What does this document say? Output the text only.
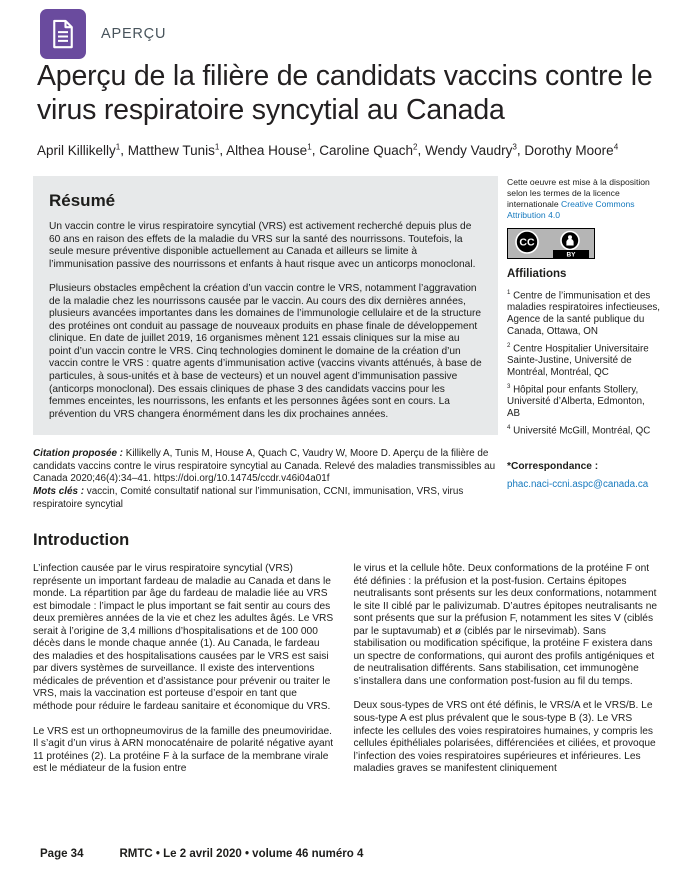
APERÇU
Aperçu de la filière de candidats vaccins contre le virus respiratoire syncytial au Canada
April Killikelly$^1$, Matthew Tunis$^1$, Althea House$^1$, Caroline Quach$^2$, Wendy Vaudry$^3$, Dorothy Moore$^4$
Résumé

Un vaccin contre le virus respiratoire syncytial (VRS) est activement recherché depuis plus de 60 ans en raison des effets de la maladie du VRS sur la santé des nourrissons. Toutefois, la seule mesure préventive disponible actuellement au Canada et ailleurs se limite à l’immunisation passive des nourrissons et enfants à haut risque avec un anticorps monoclonal.

Plusieurs obstacles empêchent la création d’un vaccin contre le VRS, notamment l’aggravation de la maladie chez les nourrissons causée par le vaccin. Au cours des dix dernières années, plusieurs avancées importantes dans les domaines de l’immunologie cellulaire et de la structure des protéines ont conduit au passage de nouveaux produits en phase finale de développement clinique. En date de juillet 2019, 16 organismes mènent 121 essais cliniques sur la mise au point d’un vaccin contre le VRS. Cinq technologies dominent le domaine de la création d’un vaccin contre le VRS : quatre agents d’immunisation active (vaccins vivants atténués, à base de particules, à sous-unités et à base de vecteurs) et un nouvel agent d’immunisation passive (anticorps monoclonal). Des essais cliniques de phase 3 des candidats vaccins pour les femmes enceintes, les nourrissons, les enfants et les personnes âgées sont en cours. La prévention du VRS changera énormément dans les dix prochaines années.

Citation proposée : Killikelly A, Tunis M, House A, Quach C, Vaudry W, Moore D. Aperçu de la filière de candidats vaccins contre le virus respiratoire syncytial au Canada. Relevé des maladies transmissibles au Canada 2020;46(4):34–41. https://doi.org/10.14745/ccdr.v46i04a01f

Mots clés : vaccin, Comité consultatif national sur l’immunisation, CCNI, immunisation, VRS, virus respiratoire syncytial

Cette oeuvre est mise à la disposition selon les termes de la licence internationale Creative Commons Attribution 4.0

CC
BY
Affiliations

$^1$ Centre de l’immunisation et des maladies respiratoires infectieuses, Agence de la santé publique du Canada, Ottawa, ON

$^2$ Centre Hospitalier Universitaire Sainte-Justine, Université de Montréal, Montréal, QC

$^3$ Hôpital pour enfants Stollery, Université d’Alberta, Edmonton, AB

$^4$ Université McGill, Montréal, QC

*Correspondance :
phac.naci-ccni.aspc@canada.ca
Introduction

L’infection causée par le virus respiratoire syncytial (VRS) représente un important fardeau de maladie au Canada et dans le monde. La répartition par âge du fardeau de maladie liée au VRS est bimodale : l’impact le plus important se fait sentir au cours des deux premières années de la vie et chez les adultes âgés. Le VRS serait à l’origine de 3,4 millions d’hospitalisations et de 100 000 décès dans le monde chaque année (1). Au Canada, le fardeau des maladies et des hospitalisations causées par le VRS est saisi par divers systèmes de surveillance. Il existe des interventions médicales de prévention et d’assistance pour prévenir ou traiter le VRS, mais la vaccination est porteuse d’espoir en tant que méthode pour réduire le fardeau sanitaire et économique du VRS.

Le VRS est un orthopneumovirus de la famille des pneumoviridae. Il s’agit d’un virus à ARN monocaténaire de polarité négative ayant 11 protéines (2). La protéine F à la surface de la membrane virale est le médiateur de la fusion entre

le virus et la cellule hôte. Deux conformations de la protéine F ont été définies : la préfusion et la post-fusion. Certains épitopes neutralisants sont présents sur les deux conformations, notamment le site II ciblé par le palivizumab. D’autres épitopes neutralisants ne sont présents que sur la préfusion F, notamment les sites V (ciblés par le suptavumab) et ø (ciblés par le nirsevimab). Sans stabilisation ou modification spécifique, la protéine F existera dans un spectre de conformations, qui auront des profils antigéniques et de neutralisation différents. Sans stabilisation, cet immunogène s’installera dans une conformation post-fusion au fil du temps.

Deux sous-types de VRS ont été définis, le VRS/A et le VRS/B. Le sous-type A est plus prévalent que le sous-type B (3). Le VRS infecte les cellules des voies respiratoires humaines, y compris les cellules épithéliales polarisées, différenciées et ciliées, et provoque l’infection des voies respiratoires supérieures et inférieures. Les maladies graves se manifestent cliniquement

Page 34	RMTC • Le 2 avril 2020 • volume 46 numéro 4
